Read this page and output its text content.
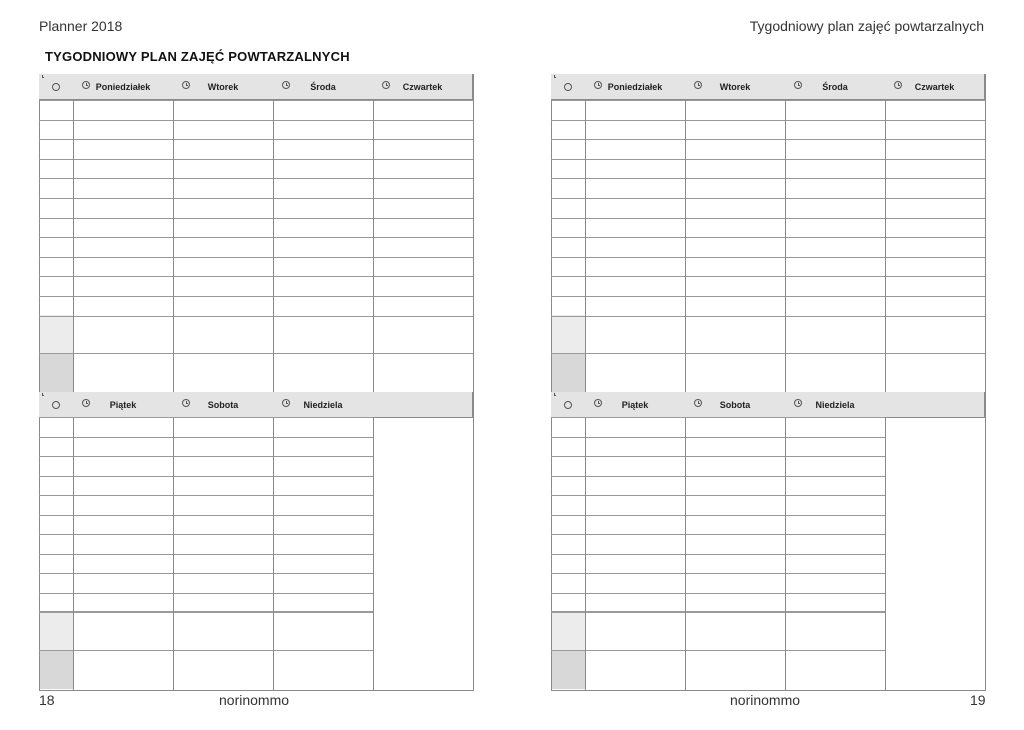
Planner 2018	Tygodniowy plan zajęć powtarzalnych
TYGODNIOWY PLAN ZAJĘĆ POWTARZALNYCH
Poniedziałek	Wtorek	Środa	Czwartek
Piątek	Sobota	Niedziela
Poniedziałek	Wtorek	Środa	Czwartek
Piątek	Sobota	Niedziela
18	norinommo	norinommo	19
